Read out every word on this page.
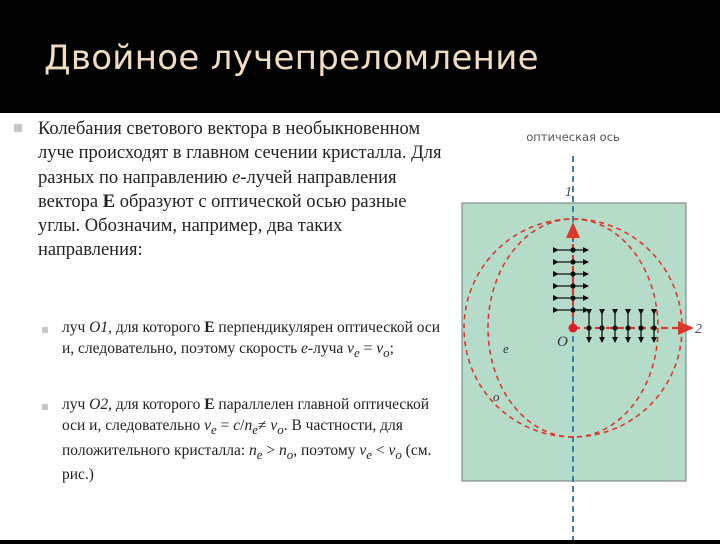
Двойное лучепреломление

Колебания светового вектора в необыкновенном луче происходят в главном сечении кристалла. Для разных по направлению e-лучей направления вектора E образуют с оптической осью разные углы. Обозначим, например, два таких направления:

луч O1, для которого E перпендикулярен оптической оси и, следовательно, поэтому скорость e-луча $v_e = v_o$;

луч O2, для которого E параллелен главной оптической оси и, следовательно $v_e = c/n_e\ne v_o$. В частности, для положительного кристалла: $n_e > n_o$, поэтому $v_e < v_o$ (см. рис.)

оптическая ось
1
2
O
e
o
